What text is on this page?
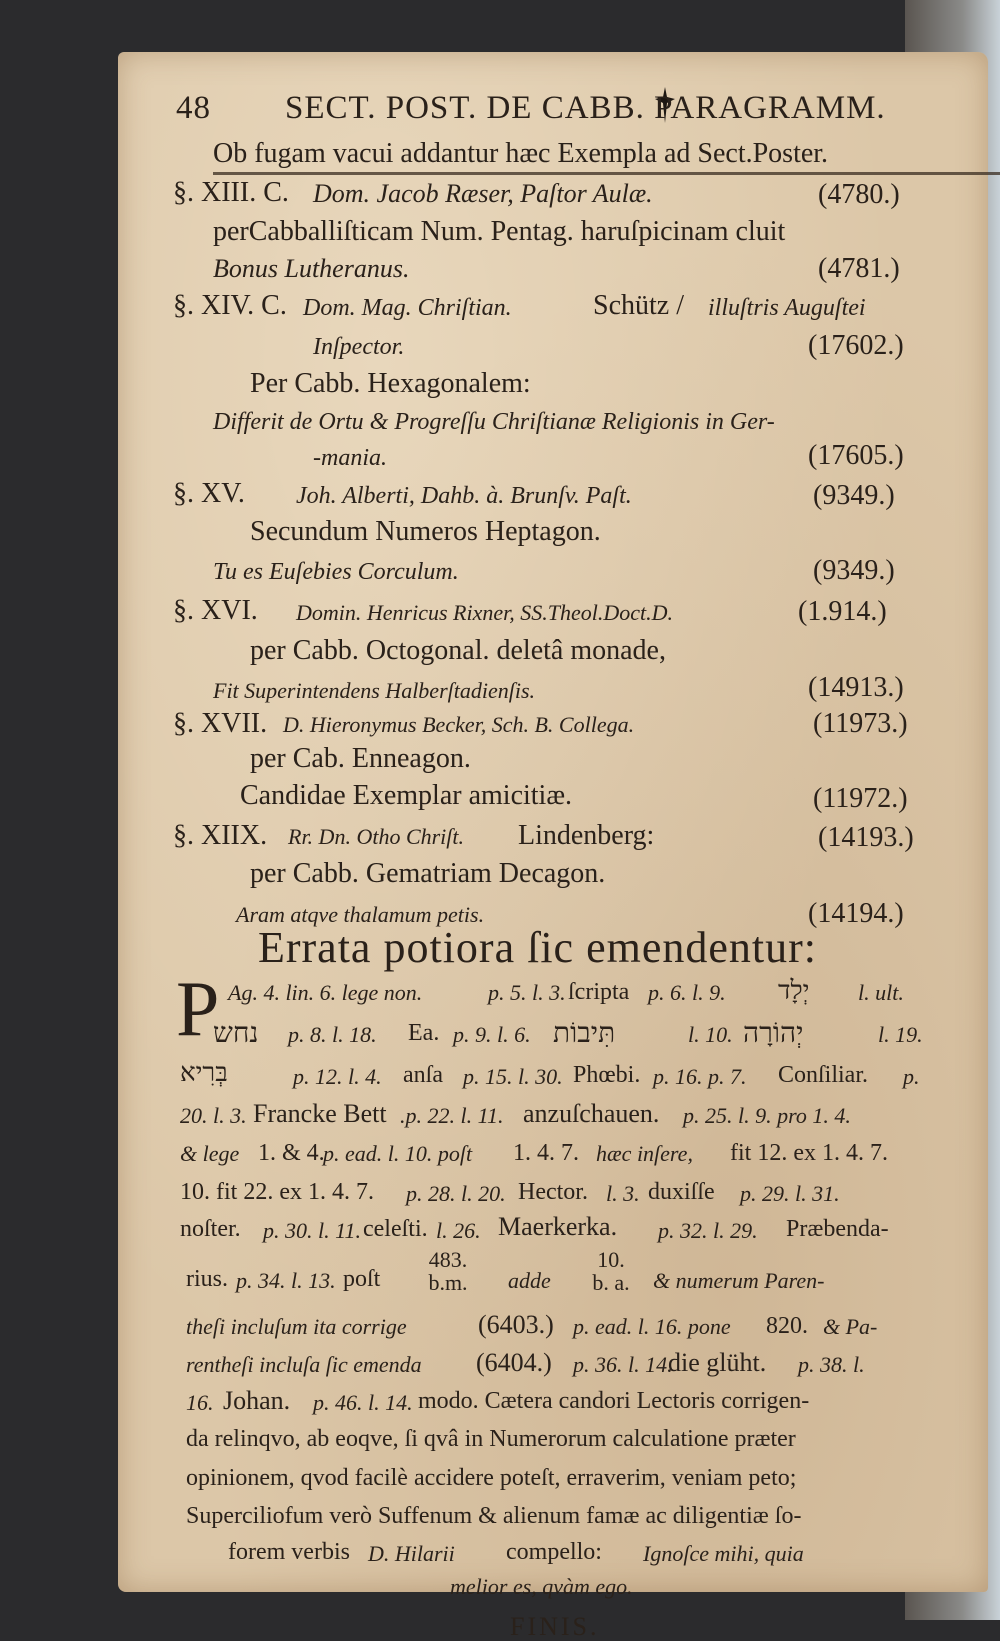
48 SECT. POST. DE CABB. PARAGRAMM.
Ob fugam vacui addantur hæc Exempla ad Sect.Poster.
§. XIII. C. Dom. Jacob Ræser, Paſtor Aulæ.	(4780.)
perCabballiſticam Num. Pentag. haruſpicinam cluit
Bonus Lutheranus.	(4781.)
§. XIV. C. Dom. Mag. Chriſtian.	Schütz / illuſtris Auguſtei
Inſpector.	(17602.)
Per Cabb. Hexagonalem:
Differit de Ortu & Progreſſu Chriſtianæ Religionis in Ger-
-mania.	(17605.)
§. XV. Joh. Alberti, Dahb. à. Brunſv. Paſt.	(9349.)
Secundum Numeros Heptagon.
Tu es Euſebies Corculum.	(9349.)
§. XVI. Domin. Henricus Rixner, SS.Theol.Doct.D.	(1.914.)
per Cabb. Octogonal. deletâ monade,
Fit Superintendens Halberſtadienſis.	(14913.)
§. XVII. D. Hieronymus Becker, Sch. B. Collega.	(11973.)
per Cab. Enneagon.
Candidae Exemplar amicitiæ.	(11972.)
§. XIIX. Rr. Dn. Otho Chriſt. Lindenberg:	(14193.)
per Cabb. Gematriam Decagon.
Aram atqve thalamum petis.	(14194.)
Errata potiora ſic emendentur:
P Ag. 4. lin. 6. lege non.	p. 5. l. 3. ſcripta p. 6. l. 9. יְלָד l. ult.
נחש p. 8. l. 18. Ea. p. 9. l. 6. תִּיבוֹת	l. 10. יְהוֹרָה	l. 19.
בְּרִיא	p. 12. l. 4. anſa p. 15. l. 30. Phœbi. p. 16. p. 7. Conſiliar. p.
20. l. 3. Francke Bett .p. 22. l. 11. anzuſchauen. p. 25. l. 9. pro 1. 4.
& lege 1. & 4.
p. ead. l. 10. poſt 1. 4. 7. hæc inſere, fit 12. ex 1. 4. 7.
10. fit 22. ex 1. 4. 7. p. 28. l. 20. Hector. l. 3. duxiſſe p. 29. l. 31.
noſter. p. 30. l. 11. celeſti. l. 26. Maerkerka. p. 32. l. 29. Præbenda-
rius. p. 34. l. 13. poſt
483.
b.m.	adde
10.
b. a. & numerum Paren-
theſi incluſum ita corrige	(6403.) p. ead. l. 16. pone 820. & Pa-
rentheſi incluſa ſic emenda (6404.) p. 36. l. 14.
die glüht. p. 38. l.
16. Johan. p. 46. l. 14. modo. Cætera candori Lectoris corrigen-
da relinqvo, ab eoqve, ſi qvâ in Numerorum calculatione præter
opinionem, qvod facilè accidere poteſt, erraverim, veniam peto;
Superciliofum verò Suffenum & alienum famæ ac diligentiæ ſo-
forem verbis D. Hilarii compello: Ignoſce mihi, quia
melior es, qvàm ego.
FINIS.
